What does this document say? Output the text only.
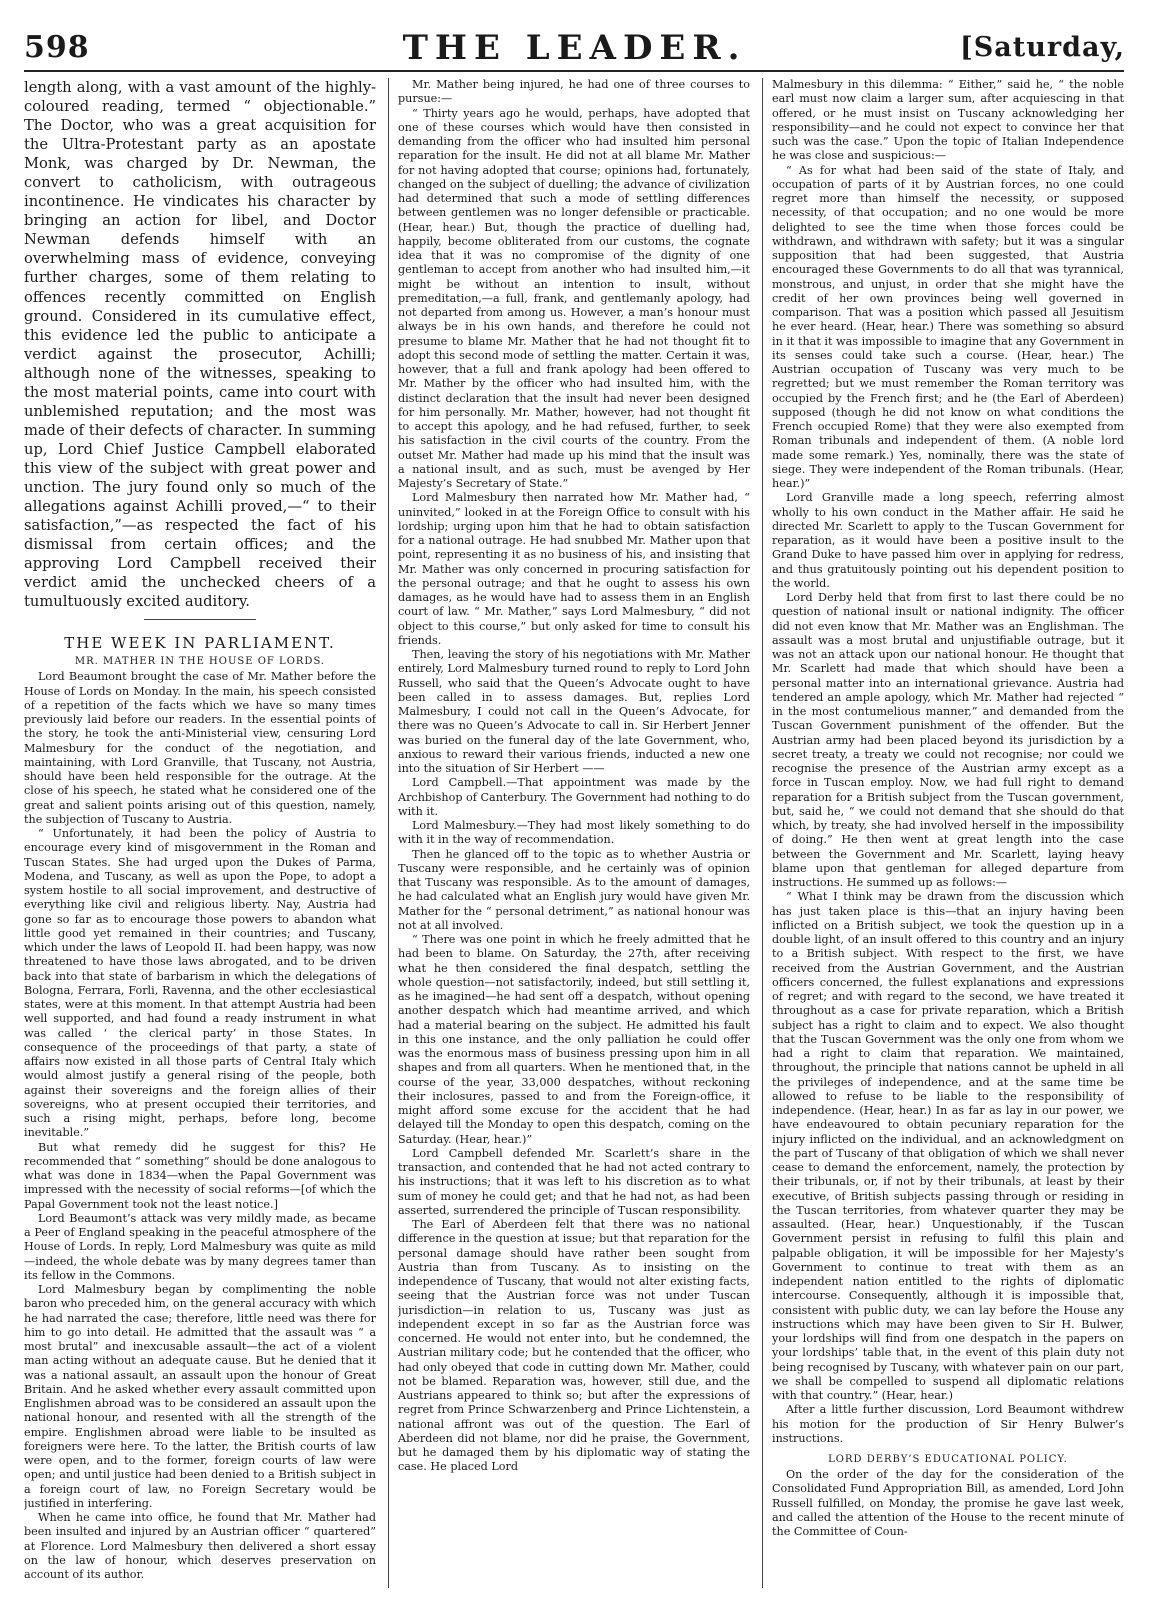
598	THE LEADER.	[Saturday,

length along, with a vast amount of the highly-coloured reading, termed “ objectionable.” The Doctor, who was a great acquisition for the Ultra-Protestant party as an apostate Monk, was charged by Dr. Newman, the convert to catholicism, with outrageous incontinence. He vindicates his character by bringing an action for libel, and Doctor Newman defends himself with an overwhelming mass of evidence, conveying further charges, some of them relating to offences recently committed on English ground. Considered in its cumulative effect, this evidence led the public to anticipate a verdict against the prosecutor, Achilli; although none of the witnesses, speaking to the most material points, came into court with unblemished reputation; and the most was made of their defects of character. In summing up, Lord Chief Justice Campbell elaborated this view of the subject with great power and unction. The jury found only so much of the allegations against Achilli proved,—“ to their satisfaction,”—as respected the fact of his dismissal from certain offices; and the approving Lord Campbell received their verdict amid the unchecked cheers of a tumultuously excited auditory.

THE WEEK IN PARLIAMENT.
MR. MATHER IN THE HOUSE OF LORDS.

Lord Beaumont brought the case of Mr. Mather before the House of Lords on Monday. In the main, his speech consisted of a repetition of the facts which we have so many times previously laid before our readers. In the essential points of the story, he took the anti-Ministerial view, censuring Lord Malmesbury for the conduct of the negotiation, and maintaining, with Lord Granville, that Tuscany, not Austria, should have been held responsible for the outrage. At the close of his speech, he stated what he considered one of the great and salient points arising out of this question, namely, the subjection of Tuscany to Austria.

“ Unfortunately, it had been the policy of Austria to encourage every kind of misgovernment in the Roman and Tuscan States. She had urged upon the Dukes of Parma, Modena, and Tuscany, as well as upon the Pope, to adopt a system hostile to all social improvement, and destructive of everything like civil and religious liberty. Nay, Austria had gone so far as to encourage those powers to abandon what little good yet remained in their countries; and Tuscany, which under the laws of Leopold II. had been happy, was now threatened to have those laws abrogated, and to be driven back into that state of barbarism in which the delegations of Bologna, Ferrara, Forli, Ravenna, and the other ecclesiastical states, were at this moment. In that attempt Austria had been well supported, and had found a ready instrument in what was called ‘ the clerical party’ in those States. In consequence of the proceedings of that party, a state of affairs now existed in all those parts of Central Italy which would almost justify a general rising of the people, both against their sovereigns and the foreign allies of their sovereigns, who at present occupied their territories, and such a rising might, perhaps, before long, become inevitable.”

But what remedy did he suggest for this? He recommended that “ something” should be done analogous to what was done in 1834—when the Papal Government was impressed with the necessity of social reforms—[of which the Papal Government took not the least notice.]

Lord Beaumont’s attack was very mildly made, as became a Peer of England speaking in the peaceful atmosphere of the House of Lords. In reply, Lord Malmesbury was quite as mild—indeed, the whole debate was by many degrees tamer than its fellow in the Commons.

Lord Malmesbury began by complimenting the noble baron who preceded him, on the general accuracy with which he had narrated the case; therefore, little need was there for him to go into detail. He admitted that the assault was “ a most brutal” and inexcusable assault—the act of a violent man acting without an adequate cause. But he denied that it was a national assault, an assault upon the honour of Great Britain. And he asked whether every assault committed upon Englishmen abroad was to be considered an assault upon the national honour, and resented with all the strength of the empire. Englishmen abroad were liable to be insulted as foreigners were here. To the latter, the British courts of law were open, and to the former, foreign courts of law were open; and until justice had been denied to a British subject in a foreign court of law, no Foreign Secretary would be justified in interfering.

When he came into office, he found that Mr. Mather had been insulted and injured by an Austrian officer “ quartered” at Florence. Lord Malmesbury then delivered a short essay on the law of honour, which deserves preservation on account of its author.

Mr. Mather being injured, he had one of three courses to pursue:—

“ Thirty years ago he would, perhaps, have adopted that one of these courses which would have then consisted in demanding from the officer who had insulted him personal reparation for the insult. He did not at all blame Mr. Mather for not having adopted that course; opinions had, fortunately, changed on the subject of duelling; the advance of civilization had determined that such a mode of settling differences between gentlemen was no longer defensible or practicable. (Hear, hear.) But, though the practice of duelling had, happily, become obliterated from our customs, the cognate idea that it was no compromise of the dignity of one gentleman to accept from another who had insulted him,—it might be without an intention to insult, without premeditation,—a full, frank, and gentlemanly apology, had not departed from among us. However, a man’s honour must always be in his own hands, and therefore he could not presume to blame Mr. Mather that he had not thought fit to adopt this second mode of settling the matter. Certain it was, however, that a full and frank apology had been offered to Mr. Mather by the officer who had insulted him, with the distinct declaration that the insult had never been designed for him personally. Mr. Mather, however, had not thought fit to accept this apology, and he had refused, further, to seek his satisfaction in the civil courts of the country. From the outset Mr. Mather had made up his mind that the insult was a national insult, and as such, must be avenged by Her Majesty’s Secretary of State.”

Lord Malmesbury then narrated how Mr. Mather had, “ uninvited,” looked in at the Foreign Office to consult with his lordship; urging upon him that he had to obtain satisfaction for a national outrage. He had snubbed Mr. Mather upon that point, representing it as no business of his, and insisting that Mr. Mather was only concerned in procuring satisfaction for the personal outrage; and that he ought to assess his own damages, as he would have had to assess them in an English court of law. “ Mr. Mather,” says Lord Malmesbury, “ did not object to this course,” but only asked for time to consult his friends.

Then, leaving the story of his negotiations with Mr. Mather entirely, Lord Malmesbury turned round to reply to Lord John Russell, who said that the Queen’s Advocate ought to have been called in to assess damages. But, replies Lord Malmesbury, I could not call in the Queen’s Advocate, for there was no Queen’s Advocate to call in. Sir Herbert Jenner was buried on the funeral day of the late Government, who, anxious to reward their various friends, inducted a new one into the situation of Sir Herbert ——

Lord Campbell.—That appointment was made by the Archbishop of Canterbury. The Government had nothing to do with it.

Lord Malmesbury.—They had most likely something to do with it in the way of recommendation.

Then he glanced off to the topic as to whether Austria or Tuscany were responsible, and he certainly was of opinion that Tuscany was responsible. As to the amount of damages, he had calculated what an English jury would have given Mr. Mather for the “ personal detriment,” as national honour was not at all involved.

“ There was one point in which he freely admitted that he had been to blame. On Saturday, the 27th, after receiving what he then considered the final despatch, settling the whole question—not satisfactorily, indeed, but still settling it, as he imagined—he had sent off a despatch, without opening another despatch which had meantime arrived, and which had a material bearing on the subject. He admitted his fault in this one instance, and the only palliation he could offer was the enormous mass of business pressing upon him in all shapes and from all quarters. When he mentioned that, in the course of the year, 33,000 despatches, without reckoning their inclosures, passed to and from the Foreign-office, it might afford some excuse for the accident that he had delayed till the Monday to open this despatch, coming on the Saturday. (Hear, hear.)”

Lord Campbell defended Mr. Scarlett’s share in the transaction, and contended that he had not acted contrary to his instructions; that it was left to his discretion as to what sum of money he could get; and that he had not, as had been asserted, surrendered the principle of Tuscan responsibility.

The Earl of Aberdeen felt that there was no national difference in the question at issue; but that reparation for the personal damage should have rather been sought from Austria than from Tuscany. As to insisting on the independence of Tuscany, that would not alter existing facts, seeing that the Austrian force was not under Tuscan jurisdiction—in relation to us, Tuscany was just as independent except in so far as the Austrian force was concerned. He would not enter into, but he condemned, the Austrian military code; but he contended that the officer, who had only obeyed that code in cutting down Mr. Mather, could not be blamed. Reparation was, however, still due, and the Austrians appeared to think so; but after the expressions of regret from Prince Schwarzenberg and Prince Lichtenstein, a national affront was out of the question. The Earl of Aberdeen did not blame, nor did he praise, the Government, but he damaged them by his diplomatic way of stating the case. He placed Lord

Malmesbury in this dilemma: “ Either,” said he, “ the noble earl must now claim a larger sum, after acquiescing in that offered, or he must insist on Tuscany acknowledging her responsibility—and he could not expect to convince her that such was the case.” Upon the topic of Italian Independence he was close and suspicious:—

“ As for what had been said of the state of Italy, and occupation of parts of it by Austrian forces, no one could regret more than himself the necessity, or supposed necessity, of that occupation; and no one would be more delighted to see the time when those forces could be withdrawn, and withdrawn with safety; but it was a singular supposition that had been suggested, that Austria encouraged these Governments to do all that was tyrannical, monstrous, and unjust, in order that she might have the credit of her own provinces being well governed in comparison. That was a position which passed all Jesuitism he ever heard. (Hear, hear.) There was something so absurd in it that it was impossible to imagine that any Government in its senses could take such a course. (Hear, hear.) The Austrian occupation of Tuscany was very much to be regretted; but we must remember the Roman territory was occupied by the French first; and he (the Earl of Aberdeen) supposed (though he did not know on what conditions the French occupied Rome) that they were also exempted from Roman tribunals and independent of them. (A noble lord made some remark.) Yes, nominally, there was the state of siege. They were independent of the Roman tribunals. (Hear, hear.)”

Lord Granville made a long speech, referring almost wholly to his own conduct in the Mather affair. He said he directed Mr. Scarlett to apply to the Tuscan Government for reparation, as it would have been a positive insult to the Grand Duke to have passed him over in applying for redress, and thus gratuitously pointing out his dependent position to the world.

Lord Derby held that from first to last there could be no question of national insult or national indignity. The officer did not even know that Mr. Mather was an Englishman. The assault was a most brutal and unjustifiable outrage, but it was not an attack upon our national honour. He thought that Mr. Scarlett had made that which should have been a personal matter into an international grievance. Austria had tendered an ample apology, which Mr. Mather had rejected “ in the most contumelious manner,” and demanded from the Tuscan Government punishment of the offender. But the Austrian army had been placed beyond its jurisdiction by a secret treaty, a treaty we could not recognise; nor could we recognise the presence of the Austrian army except as a force in Tuscan employ. Now, we had full right to demand reparation for a British subject from the Tuscan government, but, said he, “ we could not demand that she should do that which, by treaty, she had involved herself in the impossibility of doing.” He then went at great length into the case between the Government and Mr. Scarlett, laying heavy blame upon that gentleman for alleged departure from instructions. He summed up as follows:—

“ What I think may be drawn from the discussion which has just taken place is this—that an injury having been inflicted on a British subject, we took the question up in a double light, of an insult offered to this country and an injury to a British subject. With respect to the first, we have received from the Austrian Government, and the Austrian officers concerned, the fullest explanations and expressions of regret; and with regard to the second, we have treated it throughout as a case for private reparation, which a British subject has a right to claim and to expect. We also thought that the Tuscan Government was the only one from whom we had a right to claim that reparation. We maintained, throughout, the principle that nations cannot be upheld in all the privileges of independence, and at the same time be allowed to refuse to be liable to the responsibility of independence. (Hear, hear.) In as far as lay in our power, we have endeavoured to obtain pecuniary reparation for the injury inflicted on the individual, and an acknowledgment on the part of Tuscany of that obligation of which we shall never cease to demand the enforcement, namely, the protection by their tribunals, or, if not by their tribunals, at least by their executive, of British subjects passing through or residing in the Tuscan territories, from whatever quarter they may be assaulted. (Hear, hear.) Unquestionably, if the Tuscan Government persist in refusing to fulfil this plain and palpable obligation, it will be impossible for her Majesty’s Government to continue to treat with them as an independent nation entitled to the rights of diplomatic intercourse. Consequently, although it is impossible that, consistent with public duty, we can lay before the House any instructions which may have been given to Sir H. Bulwer, your lordships will find from one despatch in the papers on your lordships’ table that, in the event of this plain duty not being recognised by Tuscany, with whatever pain on our part, we shall be compelled to suspend all diplomatic relations with that country.” (Hear, hear.)

After a little further discussion, Lord Beaumont withdrew his motion for the production of Sir Henry Bulwer’s instructions.

LORD DERBY’S EDUCATIONAL POLICY.

On the order of the day for the consideration of the Consolidated Fund Appropriation Bill, as amended, Lord John Russell fulfilled, on Monday, the promise he gave last week, and called the attention of the House to the recent minute of the Committee of Coun-
